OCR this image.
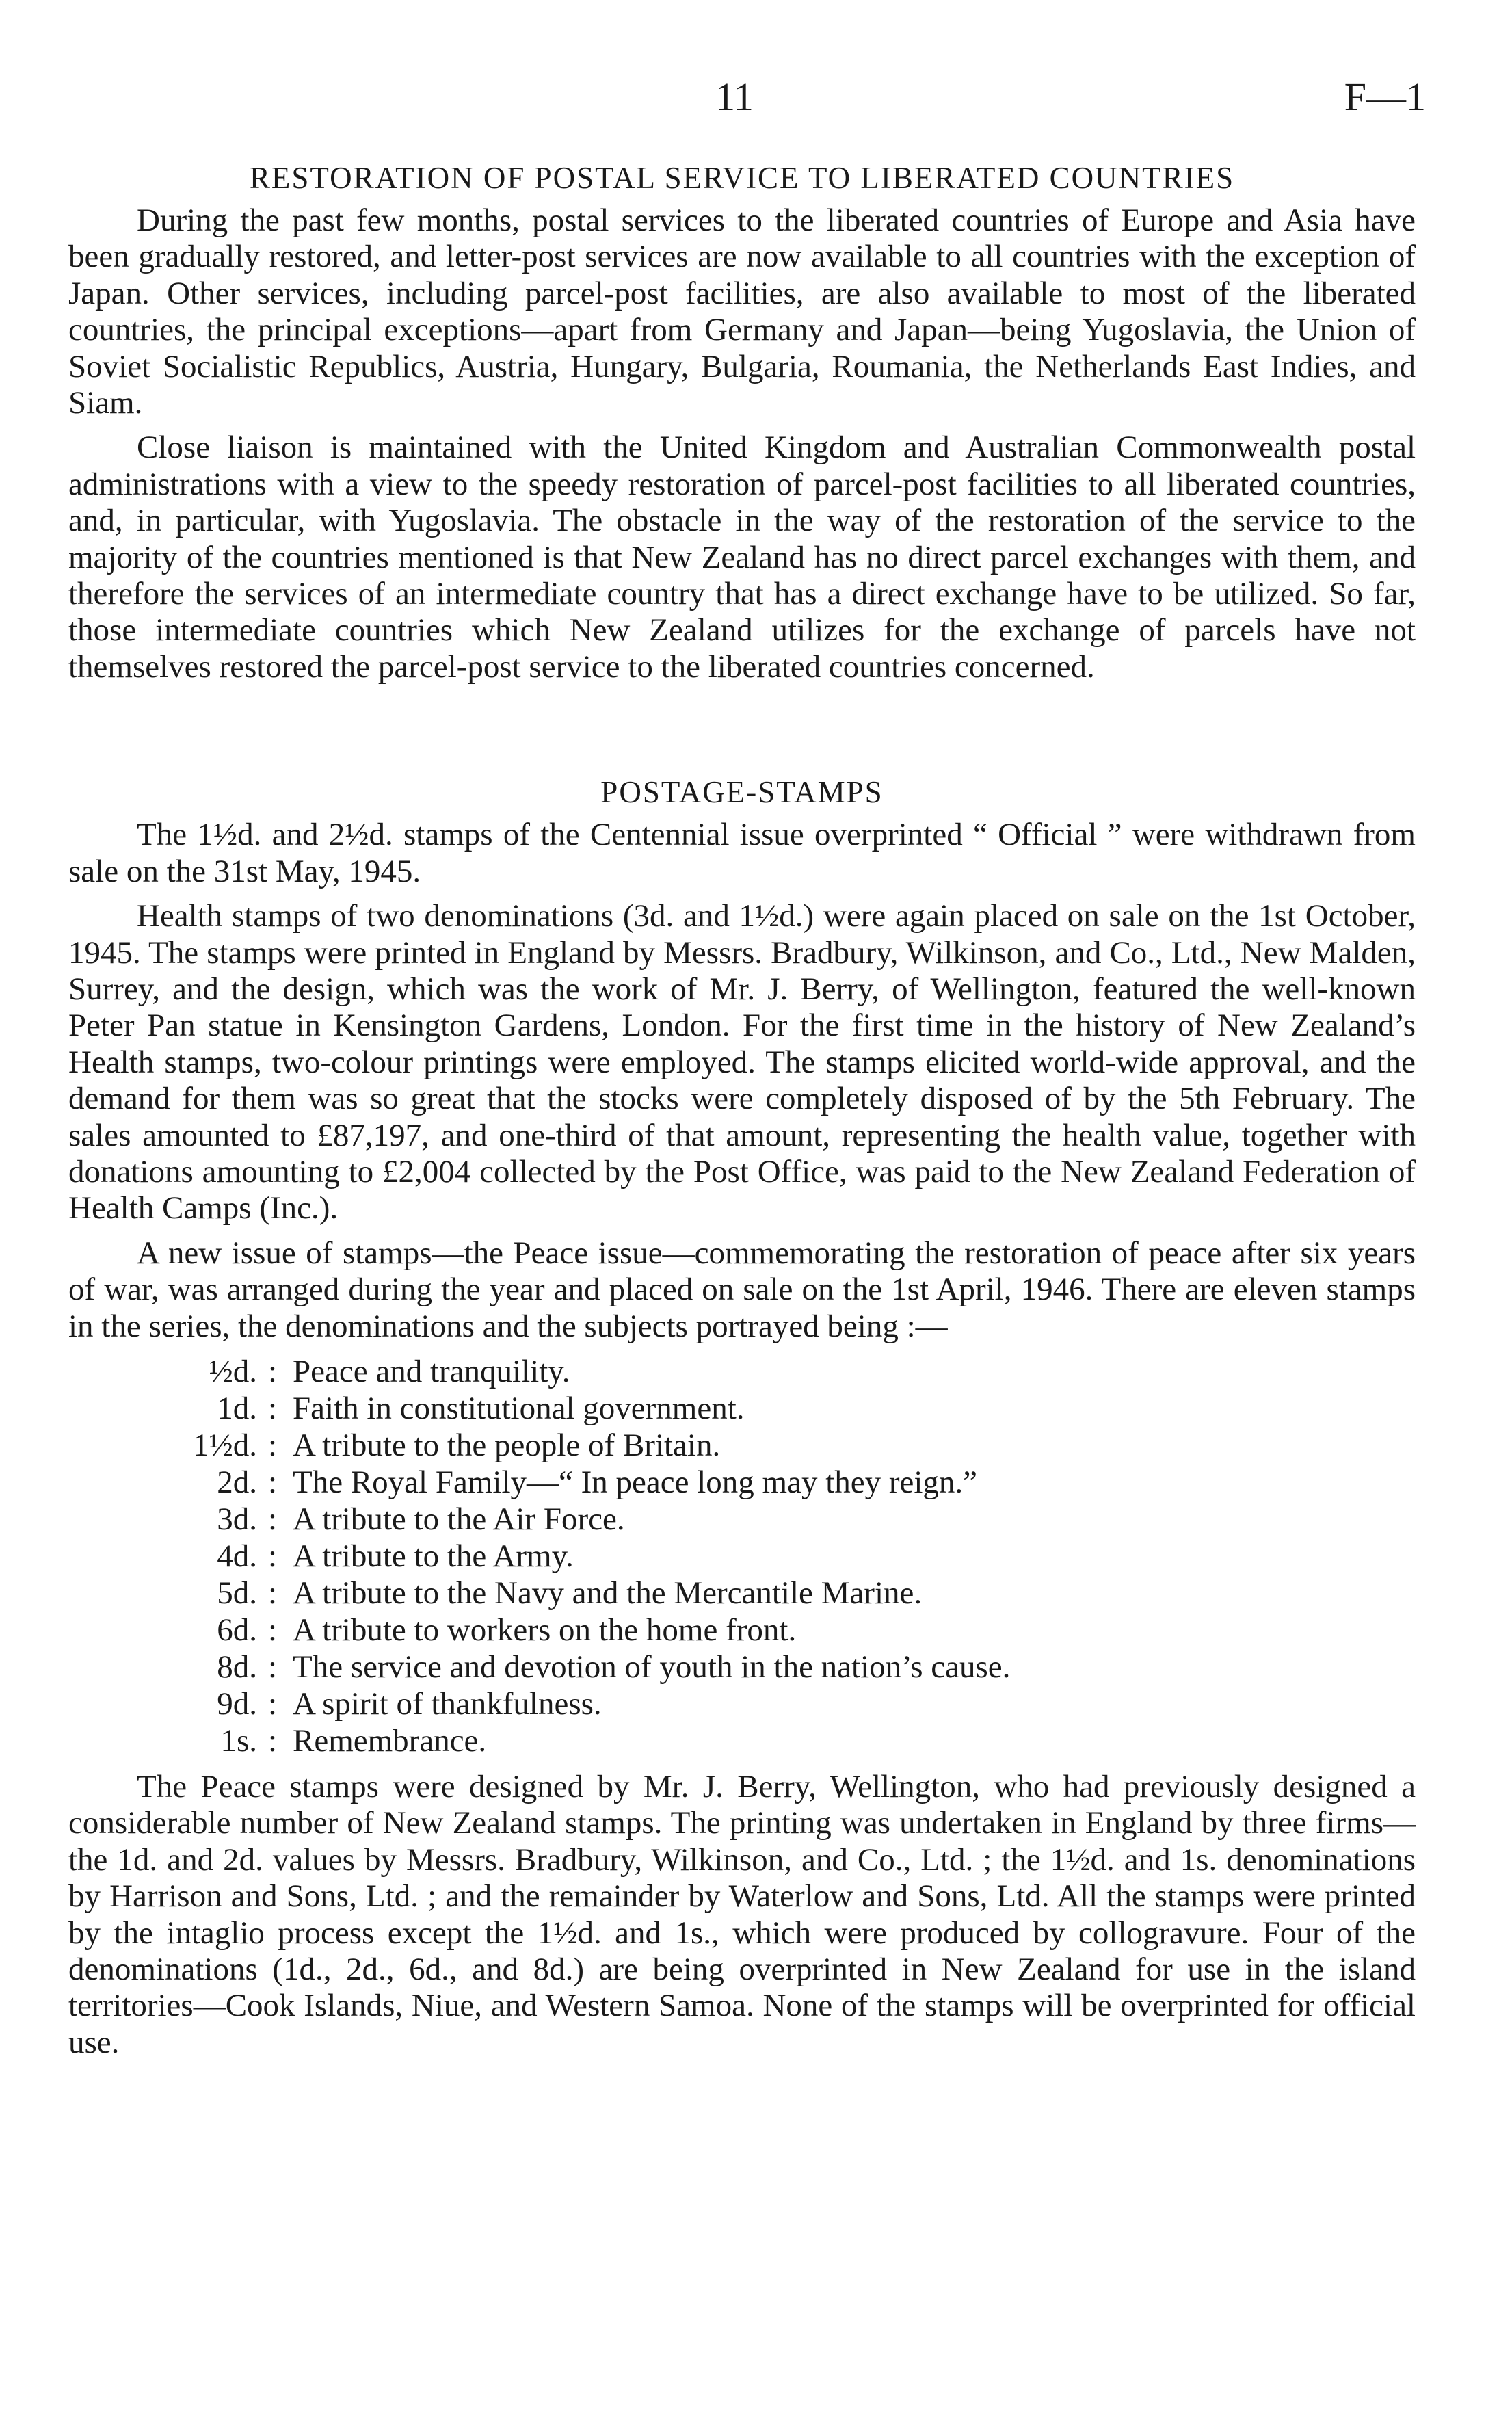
11	F—1
RESTORATION OF POSTAL SERVICE TO LIBERATED COUNTRIES

During the past few months, postal services to the liberated countries of Europe and Asia have been gradually restored, and letter-post services are now available to all countries with the exception of Japan. Other services, including parcel-post facilities, are also available to most of the liberated countries, the principal exceptions—apart from Germany and Japan—being Yugoslavia, the Union of Soviet Socialistic Republics, Austria, Hungary, Bulgaria, Roumania, the Netherlands East Indies, and Siam.

Close liaison is maintained with the United Kingdom and Australian Commonwealth postal administrations with a view to the speedy restoration of parcel-post facilities to all liberated countries, and, in particular, with Yugoslavia. The obstacle in the way of the restoration of the service to the majority of the countries mentioned is that New Zealand has no direct parcel exchanges with them, and therefore the services of an intermediate country that has a direct exchange have to be utilized. So far, those intermediate countries which New Zealand utilizes for the exchange of parcels have not themselves restored the parcel-post service to the liberated countries concerned.

POSTAGE-STAMPS

The 1½d. and 2½d. stamps of the Centennial issue overprinted “ Official ” were withdrawn from sale on the 31st May, 1945.

Health stamps of two denominations (3d. and 1½d.) were again placed on sale on the 1st October, 1945. The stamps were printed in England by Messrs. Bradbury, Wilkinson, and Co., Ltd., New Malden, Surrey, and the design, which was the work of Mr. J. Berry, of Wellington, featured the well-known Peter Pan statue in Kensington Gardens, London. For the first time in the history of New Zealand’s Health stamps, two-colour printings were employed. The stamps elicited world-wide approval, and the demand for them was so great that the stocks were completely disposed of by the 5th February. The sales amounted to £87,197, and one-third of that amount, representing the health value, together with donations amounting to £2,004 collected by the Post Office, was paid to the New Zealand Federation of Health Camps (Inc.).

A new issue of stamps—the Peace issue—commemorating the restoration of peace after six years of war, was arranged during the year and placed on sale on the 1st April, 1946. There are eleven stamps in the series, the denominations and the subjects portrayed being :—

½d. : Peace and tranquility.
1d. : Faith in constitutional government.
1½d. : A tribute to the people of Britain.
2d. : The Royal Family—“ In peace long may they reign.”
3d. : A tribute to the Air Force.
4d. : A tribute to the Army.
5d. : A tribute to the Navy and the Mercantile Marine.
6d. : A tribute to workers on the home front.
8d. : The service and devotion of youth in the nation’s cause.
9d. : A spirit of thankfulness.
1s. : Remembrance.

The Peace stamps were designed by Mr. J. Berry, Wellington, who had previously designed a considerable number of New Zealand stamps. The printing was undertaken in England by three firms—the 1d. and 2d. values by Messrs. Bradbury, Wilkinson, and Co., Ltd. ; the 1½d. and 1s. denominations by Harrison and Sons, Ltd. ; and the remainder by Waterlow and Sons, Ltd. All the stamps were printed by the intaglio process except the 1½d. and 1s., which were produced by collogravure. Four of the denominations (1d., 2d., 6d., and 8d.) are being overprinted in New Zealand for use in the island territories—Cook Islands, Niue, and Western Samoa. None of the stamps will be overprinted for official use.
